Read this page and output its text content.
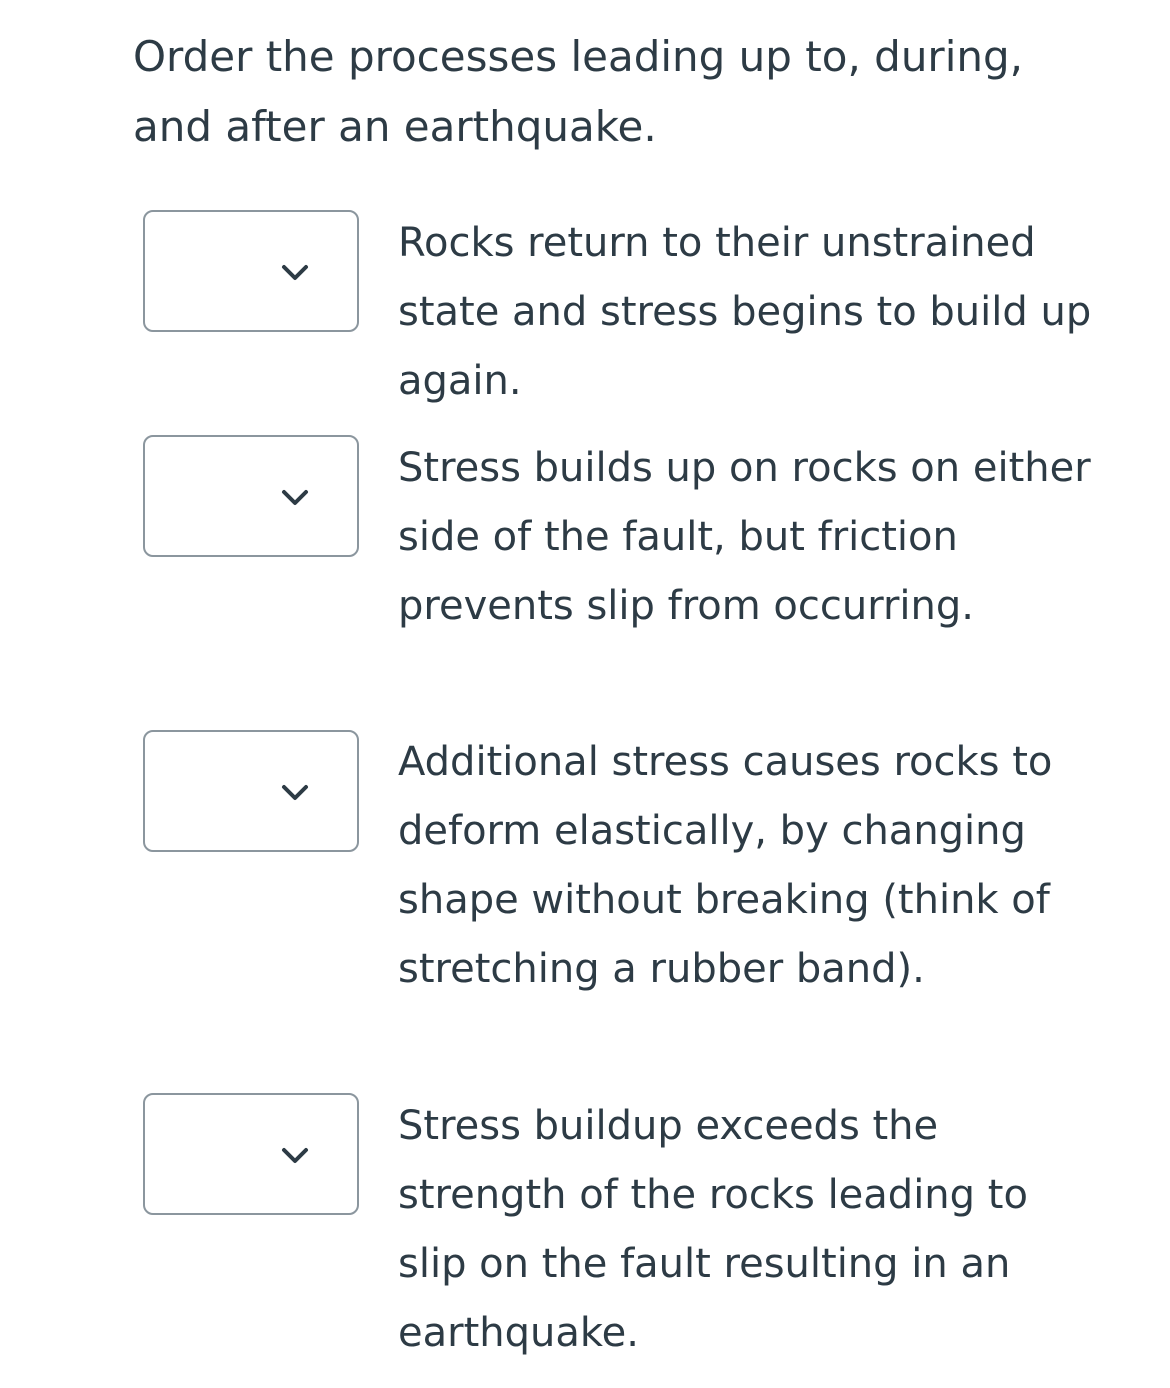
Order the processes leading up to, during, and after an earthquake.

Rocks return to their unstrained state and stress begins to build up again.

Stress builds up on rocks on either side of the fault, but friction prevents slip from occurring.

Additional stress causes rocks to deform elastically, by changing shape without breaking (think of stretching a rubber band).

Stress buildup exceeds the strength of the rocks leading to slip on the fault resulting in an earthquake.
